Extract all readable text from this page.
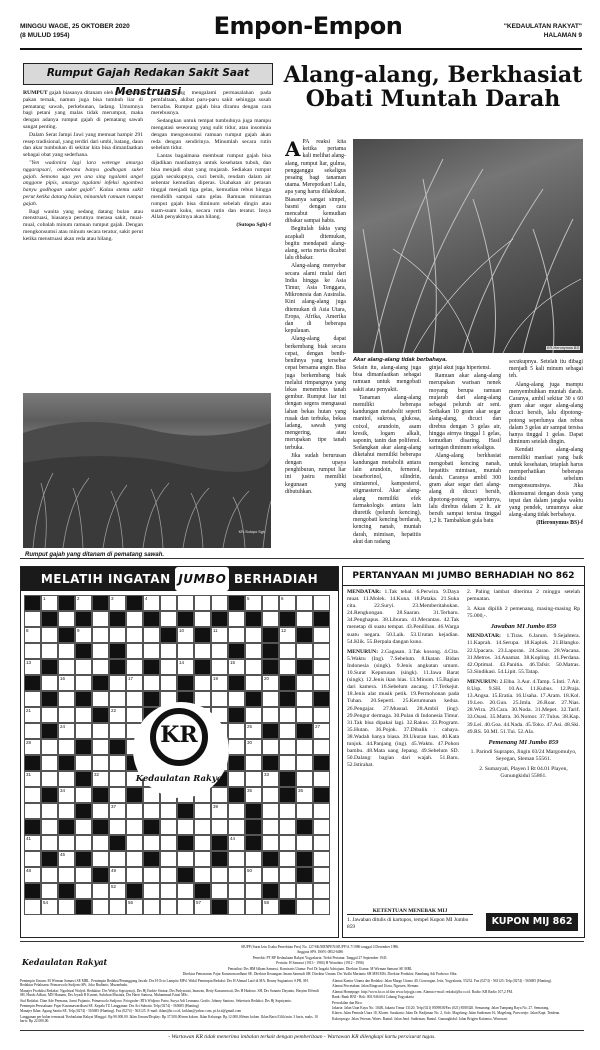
MINGGU WAGE, 25 OKTOBER 2020
(8 MULUD 1954)	Empon-Empon	"KEDAULATAN RAKYAT"
HALAMAN 9
Rumput Gajah Redakan Sakit Saat Menstruasi

RUMPUT gajah biasanya ditanam oleh petani untuk pakan ternak, namun juga bisa tumbuh liar di pematang sawah, perkebunan, ladang. Umumnya bagi petani yang malas tidak merumput, maka dengan adanya rumput gajah di pematang sawah sangat penting.

Dalam Serat Jampi Jawi yang memuat hampir 291 resep tradisional, yang terdiri dari umbi, batang, daun dan akar tumbuhan di sekitar kita bisa dimanfaatkan sebagai obat yang sederhana.

"Yen wadonira lagi lara wetenge amarga nggarapsari, ombenana banyu godhogan suket gajah. Semono uga yen ana sing ngalami angel anggone pipis, amarga ngalami infeksi ngombea banyu godhogan suket gajah". Kalau stemu sakit perut ketika datang bulan, minumlah ramuan rumput gajah.

Bagi wanita yang sedang datang bulan atau menstruasi, biasanya perutnya merasa sakit, mual-mual, cobalah minum ramuan rumput gajah. Dengan mengkonsumsi atau minum secara teratur, sakit perut ketika menstruasi akan reda atau hilang.

Bagi yang mengalami permasalahan pada pemfaltaan, akibat paru-paru sakit sehingga susah bernafas. Rumput gajah bisa diramu dengan cara merebusnya.

Sedangkan untuk tempat tumbuhnya juga mampu mengatasi seseorang yang sulit tidur, atau insomnia dengan mengonsumsi ramuan rumput gajah akan reda dengan sendirinya. Minumlah secara rutin sebelum tidur.

Lantas bagaimana membuat rumput gajah bisa dijadikan manfaatnya untuk kesehatan tubuh, dan bisa menjadi obat yang mujarab. Sediakan rumput gajah secukupnya, cuci bersih, rendam dalam air sebentar kemudian diperas. Usahakan air perasan tinggal menjadi tiga gelas, kemudian rebus hingga mendidih sampai satu gelas. Ramuan minuman rumput gajah bisa diminum sebelah dingin atau suam-suam kuku, secara rutin dan teratur. Insya Allah penyakitnya akan hilang.

(Sutopo Sgh)-f

KR-Sutopo Sgh
Rumput gajah yang ditanam di pematang sawah.
Alang-alang, Berkhasiat Obati Muntah Darah
A PA reaksi kita ketika pertama kali melihat alang-alang, rumput liar, gulma, pengganggu sekaligus pesaing bagi tanaman utama. Merepotkan! Lalu, apa yang harus dilakukan. Biasanya sangat simpel, basmi dengan cara mencabut kemudian dibakar sampai habis.

Begitulah fakta yang acapkali ditemukan, begitu mendapati alang-alang, serta merta dicabut lalu dibakar.

Alang-alang menyebar secara alami mulai dari India hingga ke Asia Timur, Asia Tenggara, Mikronesia dan Australia. Kini alang-alang juga ditemukan di Asia Utara, Eropa, Afrika, Amerika dan di beberapa kepulauan.

Alang-alang dapat berkembang biak secara cepat, dengan benih-benihnya yang tersebar cepat bersama angin. Bisa juga berkembang biak melalui rimpangnya yang lekas menembus tanah gembur. Rumput liar ini dengan segera menguasai lahan bekas hutan yang rusak dan terbuka, bekas ladang, sawah yang mengering, atau merupakan tipe tanah terbuka.

Jika sudah berurusan dengan upaya penghiburan, rumput liar ini justru memiliki kegunaan yang dibutuhkan.

KR-Heronymus BS
Akar alang-alang tidak berbahaya.

Selain itu, alang-alang juga bisa dimanfaatkan sebagai ramuan untuk mengobati sakit atau penyakit.

Tanaman alang-alang memiliki beberapa kandungan metabolit seperti manitol, sukrosa, glukosa, coixol, arundoin, asam kresik, logam alkali, saponin, tanin dan polifenol. Sedangkan akar alang-alang diketahui memiliki beberapa kandungan metabolit antara lain arundoin, fernenol, isoarborinol, silindrin, simiarenol, kampesterol, stigmasterol. Akar alang-alang memiliki efek farmakologis antara lain diuretik (peluruh kencing), mengobati kencing berdarah, kencing nanah, muntah darah, mimisan, hepatitis akut dan radang

ginjal akut juga hipertensi.

Ramuan akar alang-alang merupakan warisan nenek moyang berupa ramuan mujarab dari alang-alang sebagai peluruh air seni. Sediakan 10 gram akar segar alang-alang, dicuci dan direbus dengan 3 gelas air, hingga airnya tinggal 1 gelas, kemudian disaring. Hasil saringan diminum sekaligus.

Alang-alang berkhasiat mengobati kencing nanah, hepatitis mimisan, muntah darah. Caranya ambil 300 gram akar segar dari alang-alang di dicuci bersih, dipotong-potong seperlunya, lalu direbus dalam 2 lt. air bersih sampai tersisa tinggal 1,2 lt. Tambahkan gula batu

secukupnya. Setelah itu dibagi menjadi 5 kali minum sebagai teh.

Alang-alang juga mampu menyembuhkan muntah darah. Caranya, ambil sekitar 30 s 60 gram akar segar alang-alang dicuci bersih, lalu dipotong-potong seperlunya dan rebus dalam 3 gelas air sampai tersisa hanya tinggal 1 gelas. Dapat diminum setelah dingin.

Kendati alang-alang memiliki manfaat yang baik untuk kesehatan, tetaplah harus memperhatikan beberapa kondisi sebelum mengonsumsinya. Jika dikonsumsi dengan dosis yang tepat dan dalam jangka waktu yang pendek, umumnya akar alang-alang tidak berbahaya.

(Hieronymus BS)-f

MELATIH INGATAN JUMBO BERHADIAH
1	2	3	4	5	6
8	9	10	11	12
13	14	15
16	17	19	20
21	22
24	25	27
28	30
31	32	33
34	35	36
37	39
41	44
45
48	49	50
52
54	56	57	58
KR
Kedaulatan Rakyat
PERTANYAAN MI JUMBO BERHADIAH NO 862

MENDATAR: 1.Tak tebal. 6.Perwira. 9.Daya muat. 11.Molek. 14.Kuna. 18.Pataka. 21.Suka cita. 22.Suryi. 23.Memberitahukan. 24.Rengkongan. 28.Saaran. 31.Terbaru. 34.Penghapus. 38.Liburan. 41.Merantau. 42.Tak menetap di suatu tempat. 43.Penilihan. 46.Warga suatu negara. 50.Laik. 53.Urutan kejadian. 54.Klik. 55.Berpala dangan kuno.

MENURUN: 2.Gagasan. 3.Tak kosong. 4.Cita. 5.Waktu (Ing). 7.Sebelum. 8.Ikatan Bidan Indonesia (singk). 9.Jenis angkutan umum. 10.Surat Keputusan (singk). 11.Jawa Barat (singk). 12.Jenis ikan hias. 13.Minum. 15.Bagian dari kamera. 16.Sebelum ancang. 17.Terkejut. 18.Jenis alat musik petik. 19.Permohonan pada Tuhan. 20.Seperti. 25.Kerumunan kedua. 26.Pengajar. 27.Musual. 28.Ambil (ing). 29.Pengur dermaga. 30.Pulau di Indonesia Timur. 31.Tak bisa dipakai lagi. 32.Rakus. 33.Program. 35.Hutan. 36.Pojok. 37.Dibalik : cahaya. 38.Wadah hanya biasa. 39.Ukuran luas. 40.Kata tunjuk. 44.Panjang (ing). 45.Waktu. 47.Pohon bambu. 48.Mata uang Jepang. 49.Sebelum SD. 50.Dalang: bagian dari wajah. 51.Baru. 52.Istirahat.

2. Paling lambat diterima 2 minggu setelah pemuatan.

3. Akan dipilih 2 pemenang, masing-masing Rp 75.000,-.

Jawaban MI Jumbo 859

MENDATAR: 1.Tiras. 6.Jarum. 9.Sejahtera. 11.Kaprah. 14.Serupa. 18.Kaplok. 21.Blangko. 22.Upacara. 23.Laporan. 24.Saran. 28.Wacana. 31.Metros. 34.Anamat. 38.Kopling. 41.Perdana. 42.Optimal. 43.Panitia. 46.Tafsir. 50.Matras. 53.Sindikasi. 54.Lipit. 55.Tatap.

MENURUN: 2.Elba. 3.Aur. 4.Tamp. 5.Inti. 7.Air. 8.Usp. 9.SH. 10.As. 11.Kubus. 12.Praja. 13.Angsa. 15.Eratia. 16.Usaha. 17.Aram. 18.Kol. 19.Leo. 20.Gun. 25.Imla. 26.Roar. 27.Nias. 28.Wira. 29.Cara. 30.Noda. 31.Mepet. 32.Tarif. 33.Osasi. 35.Matra. 36.Nomor. 37.Tulus. 38.Kap. 39.Lei. 40.Goa. 44.Nada. 45.Toko. 47.Asi. 48.Ski. 49.RS. 50.MI. 51.Tui. 52.Ala.

Pemenang MI Jumbo 859

1. Parindi Suprapto, Jingin 03/24 Margomulyo, Seyegan, Sleman 55561.

2. Sumaryati, Playen I Rt 04.01 Playen, Gunungkidul 55861.

KETENTUAN MENEBAK MIJ
1. Jawaban ditulis di kartupos, tempel Kupon MI Jumbo 859
KUPON MIJ 862
Kedaulatan Rakyat

SIUPP (Surat Izin Usaha Penerbitan Pers) No. 127/SK/MENPEN/SIUPP/A.7/1986 tanggal 4 Desember 1986.

Anggota SPS. ISSN: 0852-6486

Penerbit: PT BP Kedaulatan Rakyat Yogyakarta. Terbit Pertama: Tanggal 27 September 1945.

Perintis: H Samawi (1913 - 1984) H Wonohito (1912 - 1996)

Penasihat: Drs HM Idham Samawi, Komisaris Utama: Prof Dr Iragaki Adriajuan. Direktur Utama: M Wirman Samawi SE MBL

Direktur Pemasaran: Pajar Kusumawardhani SE. Direktur Keuangan: Imam Samsudi SH. Direktur Umum: Drs Yudhi Martanto SH MM MSi. Direktur Produksi: Bambang Adi Prabowo Sfba.

Pemimpin Umum: M Wirman Samawi SE MBL. Pemimpin Redaksi/Penanggung Jawab: Drs H Octo Lampito MPd. Wakil Pemimpin Redaksi: Drs H Ahmad Latif di MA, Ronny Sugiantoro S.PR, SH. Redaktur Pelaksana: Primaswolo Sudjono SPt, Joko Budiarto, Muzanbadu.

Manajer Produksi Redaksi: Ngadrizal Walyid. Redaktur: Drs Widyo Sopsiyatoji, Drs Hj Endrie Sinisar, Drs Pudyastuti, Imawan, Betty Kusumawati, Drs H Hudono. SH, Drs Sunarto Dayanto, Hasyim Effendi SH, Hardo Adhari, MN Hamam, Drs Jeyadi R Kusnet, Subchan Mustafa, Drs Harie Santosa, Muhammad Fauzi MSc.

Staf Redaksi: Dian Ade Permana, Jonni Pujianto, Primaswolo Sudjono. Fotografer: RTb Widjono Putro, Surya Adi Lesmana. Grafis: Johnny Santoso. Sekretaris Redaksi: Drs Hj Supriyanto.

Pemimpin Perusahaan: Fajar Kusumawardhani SE. Kepala TU Langganan: Drs Ari Subrata. Telp (0274) - 565685 (Hunting)

Manajer Iklan: Agung Santia SE. Telp (0274) - 565685 (Hunting). Fax (0274) - 563125. E-mail: iklan@kr.co.id, kriklan@yahoo.com, pt.kr.it@gmail.com

Langganan per bulan termasuk 'Kedaulatan Rakyat Minggu': Rp 90.000,00. Iklan Umum/Display: Rp 37.500,00/mm kolom. Iklan Keluarga: Rp 12.000,00/mm kolom. Iklan Baris/Cilik/min. 3 baris, maks. 10 baris: Rp 22.000,00.

Alamat Kantor Utama dan Redaksi: Jalan Margo Utomo 40, Gowongan, Jetis, Yogyakarta, 55232. Fax (0274) - 563125; Telp (0274) - 565685 (Hunting).

Alamat Percetakan: Jalan Ringroad Utara, Ngawen, Sleman.

Alamat Homepage: http://www.kr.co.id dan www.krjogja.com. Alamat e-mail: redaksi@kr.co.id. Radio: KR Radio 107,2 FM.

Bank: Bank BNI - Rek: 003.946.604 Cabang Yogyakarta

Perwakilan dan Biro:

Jakarta: Jalan Utan Kayu No. 104B, Jakarta Timur 13120, Telp (021) 8509838/Fax (021) 8580320. Semarang: Jalan Tumpang Raya No. 27, Semarang.

Klaten: Jalan Pemuda Utara 18, Klaten. Surakarta: Jalan Dr. Radjiman No. 2, Solo. Magelang: Jalan Sudirman 16, Magelang. Purworejo: Jalan Kapt. Tendean.

Kulonprogo: Jalan Veteran, Wates. Bantul: Jalan Jend. Sudirman, Bantul. Gunungkidul: Jalan Brigjen Katamso, Wonosari.

- Wartawan KR tidak menerima imbalan terkait dengan pemberitaan - Wartawan KR dilengkapi kartu pers/surat tugas.
